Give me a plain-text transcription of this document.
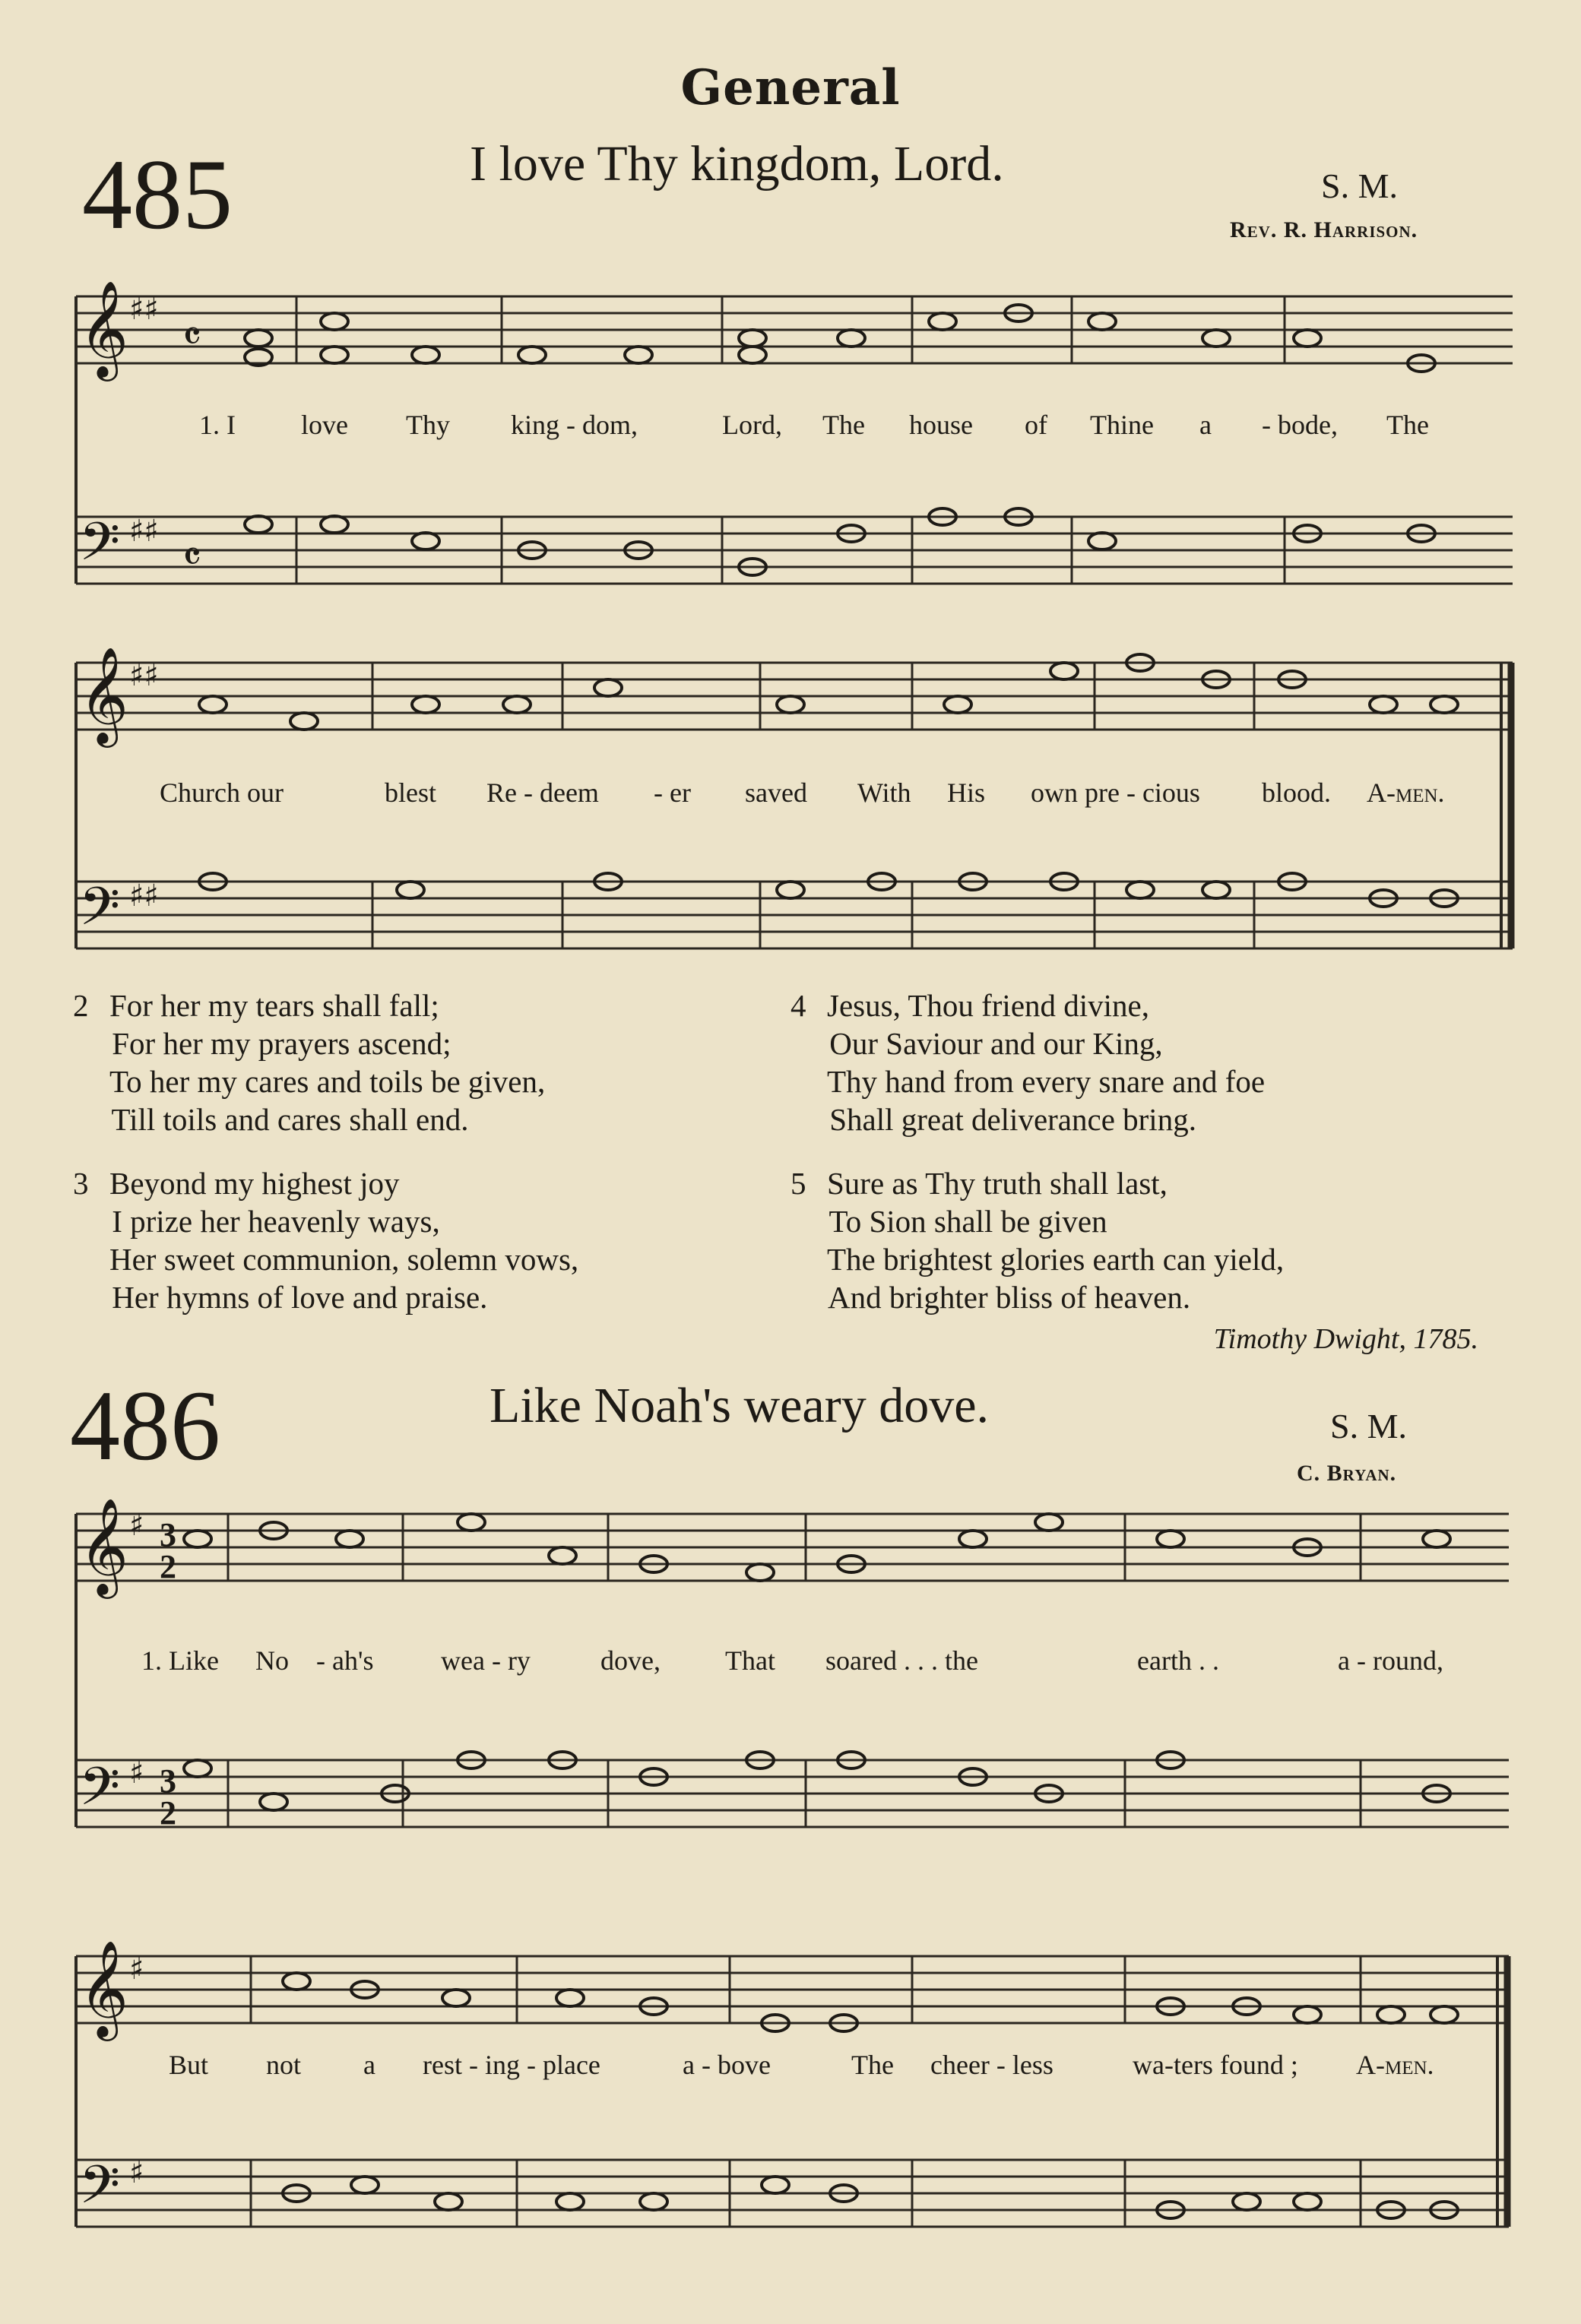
General
485	I love Thy kingdom, Lord.	S. M.
Rev. R. Harrison.
𝄞 ♯♯
𝄴
𝄢 ♯♯
𝄴
𝄞 ♯♯
𝄢 ♯♯
𝄞 ♯ 3
2
𝄢 ♯ 3
2
𝄞 ♯
𝄢 ♯
1. I love Thy king - dom,	Lord, The house of Thine a - bode, The
Church our	blest Re - deem - er saved With His own pre - cious blood. A-men.
2 For her my tears shall fall;
For her my prayers ascend;
To her my cares and toils be given,
Till toils and cares shall end.
3 Beyond my highest joy
I prize her heavenly ways,
Her sweet communion, solemn vows,
Her hymns of love and praise.
4 Jesus, Thou friend divine,
Our Saviour and our King,
Thy hand from every snare and foe
Shall great deliverance bring.
5 Sure as Thy truth shall last,
To Sion shall be given
The brightest glories earth can yield,
And brighter bliss of heaven.
Timothy Dwight, 1785.
486	Like Noah's weary dove.	S. M.
C. Bryan.
1. Like No - ah's wea - ry	dove, That soared . . . the	earth . .	a - round,
But not a rest - ing - place	a - bove	The cheer - less	wa-ters found ; A-men.
